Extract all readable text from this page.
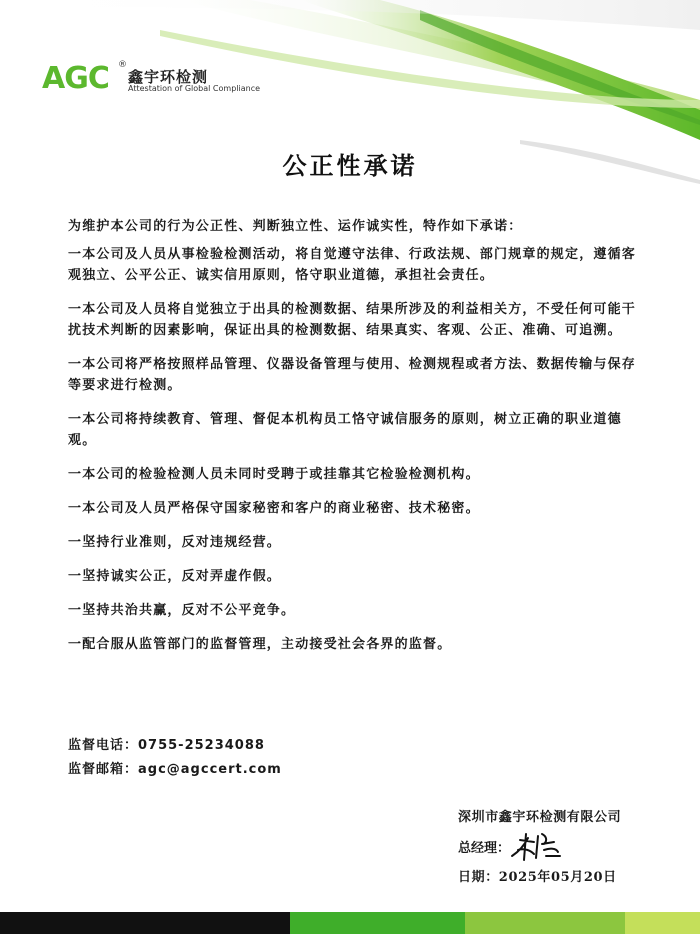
AGC ®
鑫宇环检测
Attestation of Global Compliance
公正性承诺
为维护本公司的行为公正性、判断独立性、运作诚实性，特作如下承诺：

一本公司及人员从事检验检测活动，将自觉遵守法律、行政法规、部门规章的规定，遵循客观独立、公平公正、诚实信用原则，恪守职业道德，承担社会责任。

一本公司及人员将自觉独立于出具的检测数据、结果所涉及的利益相关方，不受任何可能干扰技术判断的因素影响，保证出具的检测数据、结果真实、客观、公正、准确、可追溯。

一本公司将严格按照样品管理、仪器设备管理与使用、检测规程或者方法、数据传输与保存等要求进行检测。

一本公司将持续教育、管理、督促本机构员工恪守诚信服务的原则，树立正确的职业道德观。

一本公司的检验检测人员未同时受聘于或挂靠其它检验检测机构。

一本公司及人员严格保守国家秘密和客户的商业秘密、技术秘密。

一坚持行业准则，反对违规经营。

一坚持诚实公正，反对弄虚作假。

一坚持共治共赢，反对不公平竞争。

一配合服从监管部门的监督管理，主动接受社会各界的监督。

监督电话：0755-25234088
监督邮箱：agc@agccert.com
深圳市鑫宇环检测有限公司
总经理：
日期：2025年05月20日
